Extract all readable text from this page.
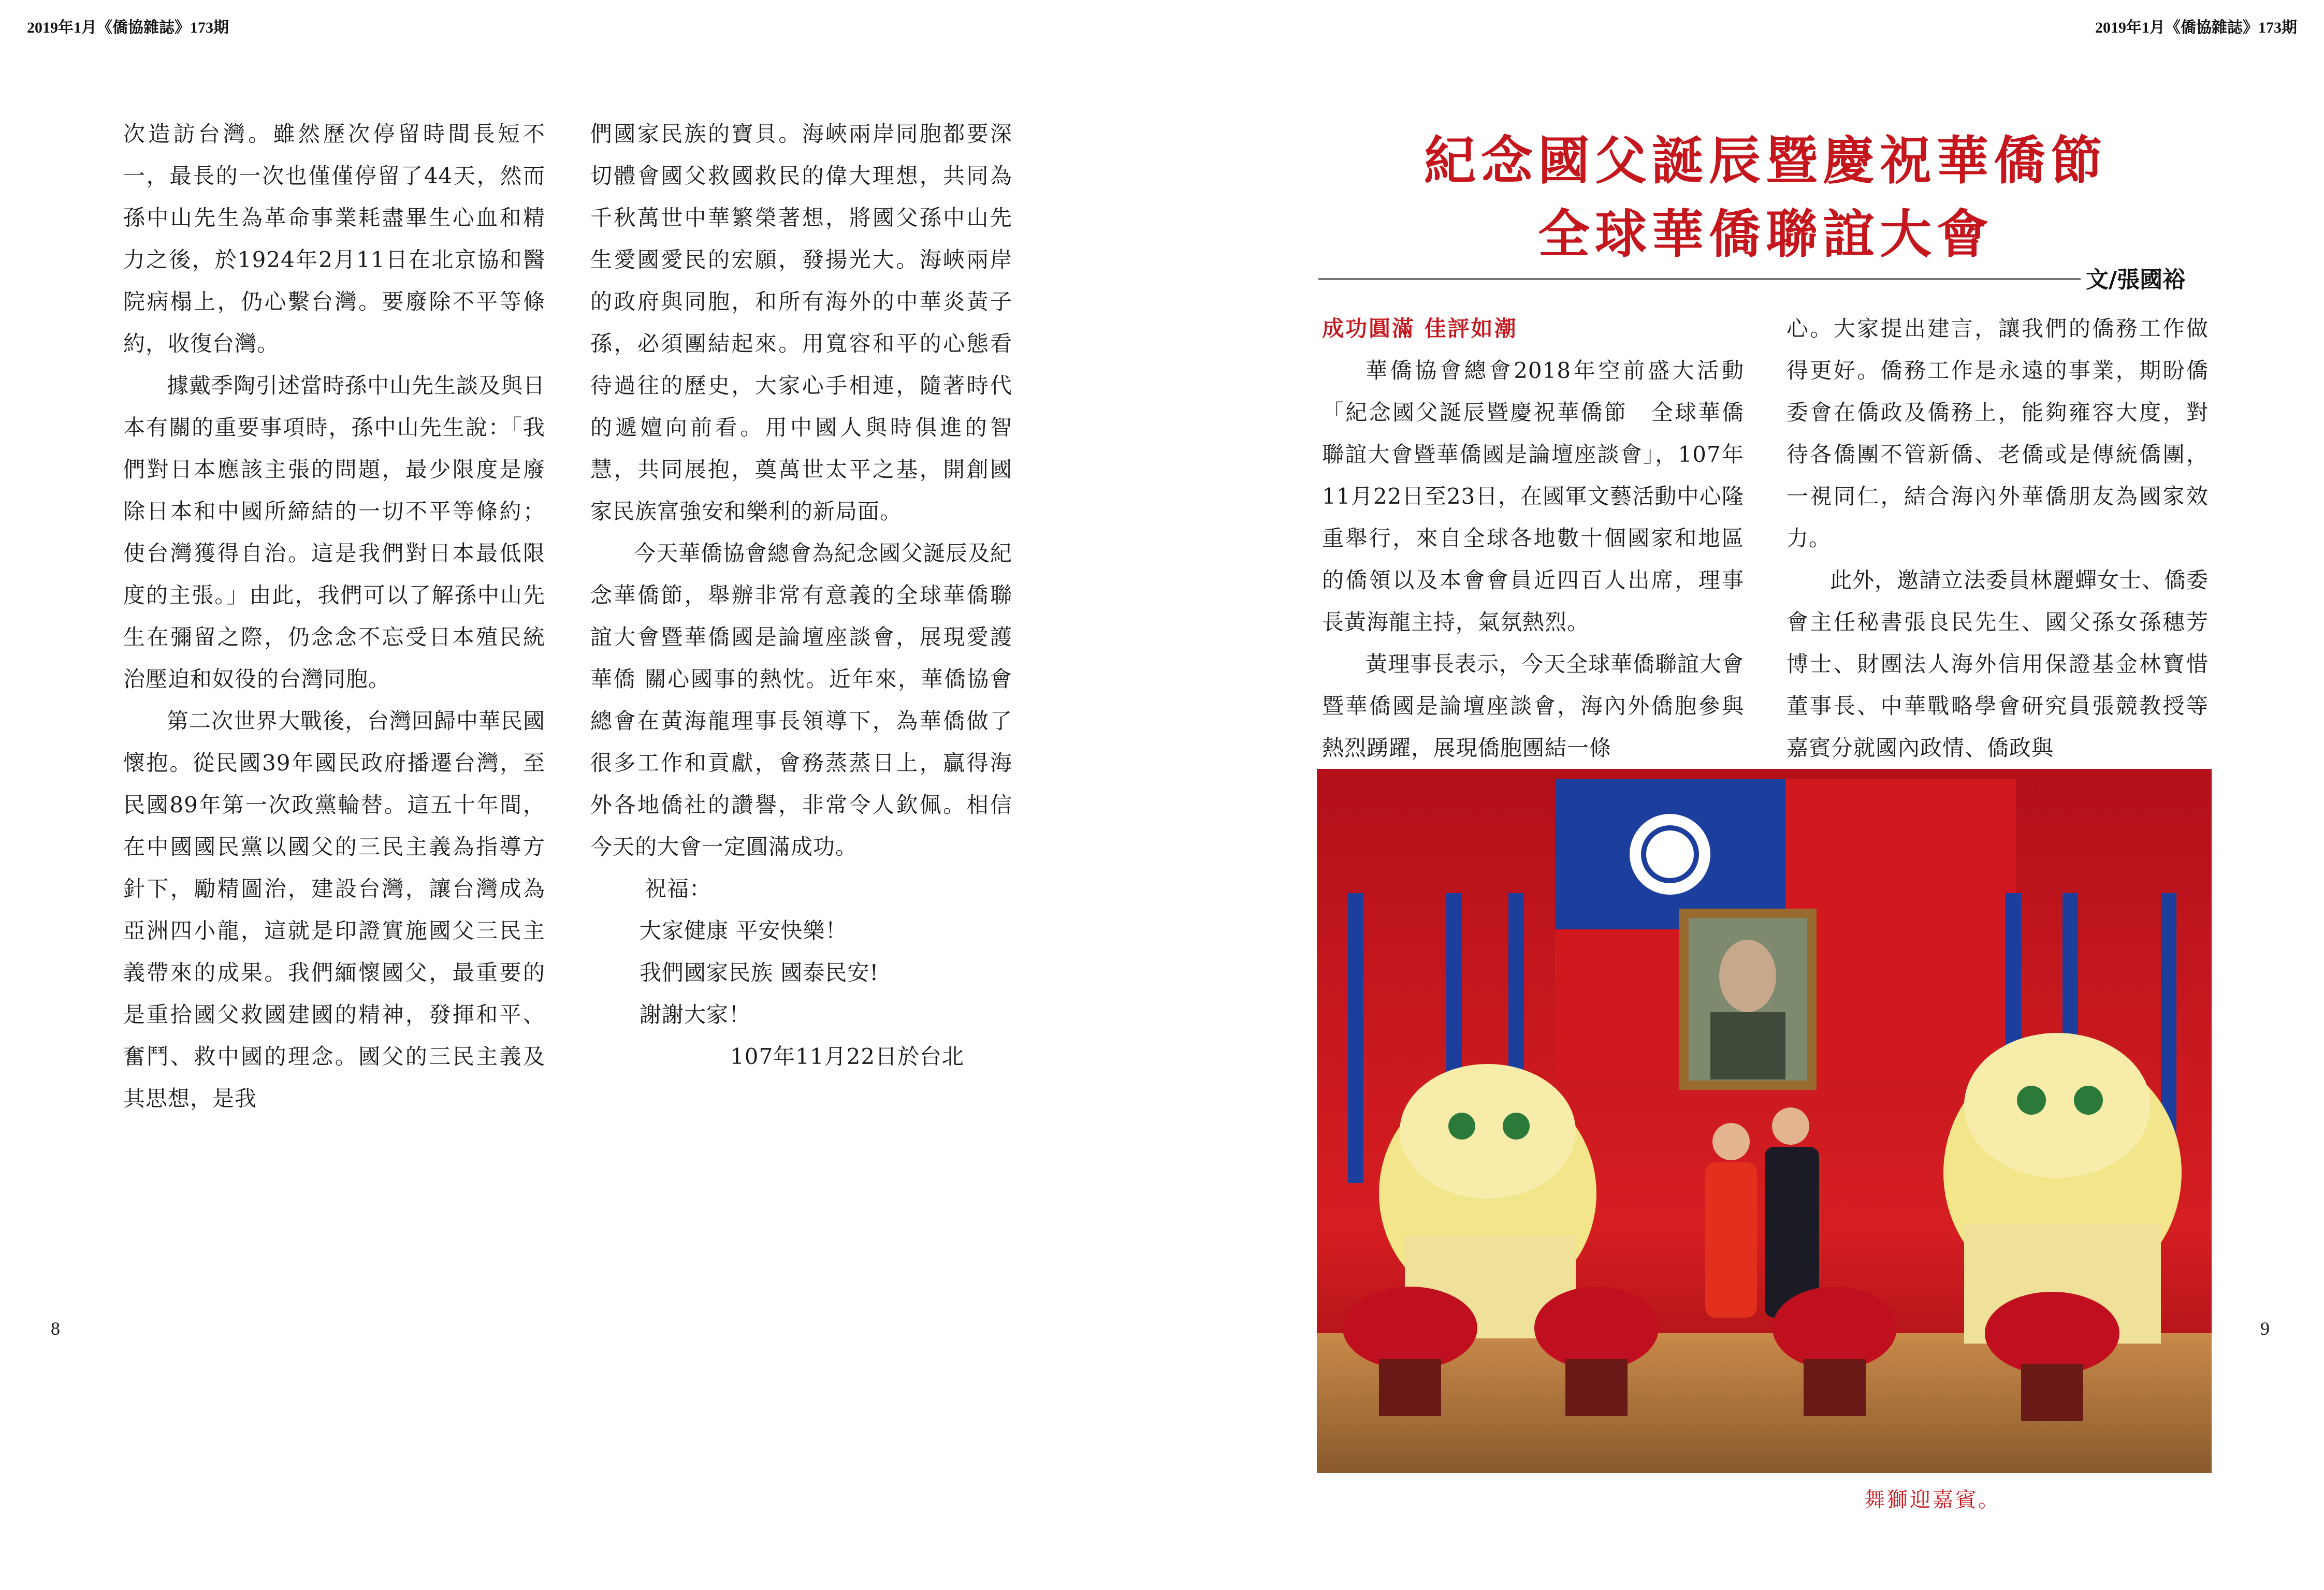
2019年1月《僑協雜誌》173期	2019年1月《僑協雜誌》173期

次造訪台灣。雖然歷次停留時間長短不一，最長的一次也僅僅停留了44天，然而孫中山先生為革命事業耗盡畢生心血和精力之後，於1924年2月11日在北京協和醫院病榻上，仍心繫台灣。要廢除不平等條約，收復台灣。

據戴季陶引述當時孫中山先生談及與日本有關的重要事項時，孫中山先生說：「我們對日本應該主張的問題，最少限度是廢除日本和中國所締結的一切不平等條約；使台灣獲得自治。這是我們對日本最低限度的主張。」由此，我們可以了解孫中山先生在彌留之際，仍念念不忘受日本殖民統治壓迫和奴役的台灣同胞。

第二次世界大戰後，台灣回歸中華民國懷抱。從民國39年國民政府播遷台灣，至民國89年第一次政黨輪替。這五十年間，在中國國民黨以國父的三民主義為指導方針下，勵精圖治，建設台灣，讓台灣成為亞洲四小龍，這就是印證實施國父三民主義帶來的成果。我們緬懷國父，最重要的是重拾國父救國建國的精神，發揮和平、奮鬥、救中國的理念。國父的三民主義及其思想，是我

們國家民族的寶貝。海峽兩岸同胞都要深切體會國父救國救民的偉大理想，共同為千秋萬世中華繁榮著想，將國父孫中山先生愛國愛民的宏願，發揚光大。海峽兩岸的政府與同胞，和所有海外的中華炎黃子孫，必須團結起來。用寬容和平的心態看待過往的歷史，大家心手相連，隨著時代的遞嬗向前看。用中國人與時俱進的智慧，共同展抱，奠萬世太平之基，開創國家民族富強安和樂利的新局面。

今天華僑協會總會為紀念國父誕辰及紀念華僑節，舉辦非常有意義的全球華僑聯誼大會暨華僑國是論壇座談會，展現愛護華僑 關心國事的熱忱。近年來，華僑協會總會在黃海龍理事長領導下，為華僑做了很多工作和貢獻，會務蒸蒸日上，贏得海外各地僑社的讚譽，非常令人欽佩。相信今天的大會一定圓滿成功。

祝福：

大家健康 平安快樂！

我們國家民族 國泰民安!

謝謝大家！

107年11月22日於台北

8
紀念國父誕辰暨慶祝華僑節
全球華僑聯誼大會
文/張國裕

成功圓滿 佳評如潮

華僑協會總會2018年空前盛大活動「紀念國父誕辰暨慶祝華僑節　全球華僑聯誼大會暨華僑國是論壇座談會」，107年11月22日至23日，在國軍文藝活動中心隆重舉行，來自全球各地數十個國家和地區的僑領以及本會會員近四百人出席，理事長黃海龍主持，氣氛熱烈。

黃理事長表示，今天全球華僑聯誼大會暨華僑國是論壇座談會，海內外僑胞參與熱烈踴躍，展現僑胞團結一條

心。大家提出建言，讓我們的僑務工作做得更好。僑務工作是永遠的事業，期盼僑委會在僑政及僑務上，能夠雍容大度，對待各僑團不管新僑、老僑或是傳統僑團，一視同仁，結合海內外華僑朋友為國家效力。

此外，邀請立法委員林麗蟬女士、僑委會主任秘書張良民先生、國父孫女孫穗芳博士、財團法人海外信用保證基金林寶惜董事長、中華戰略學會研究員張競教授等嘉賓分就國內政情、僑政與

舞獅迎嘉賓。
9
